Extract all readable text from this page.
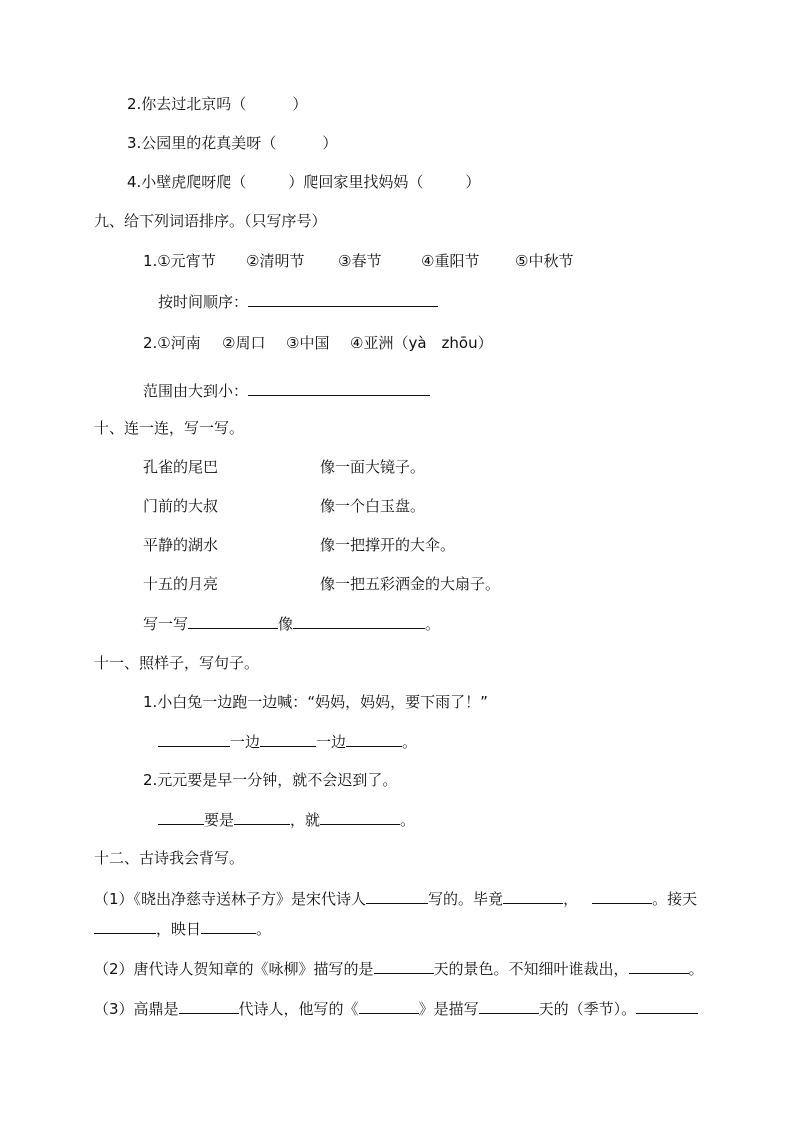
2.你去过北京吗（	）
3.公园里的花真美呀（	）
4.小壁虎爬呀爬（	）爬回家里找妈妈（	）
九、给下列词语排序。（只写序号）
1.①元宵节 ②清明节 ③春节	④重阳节 ⑤中秋节
按时间顺序：
2.①河南 ②周口 ③中国 ④亚洲（yà　zhōu）
范围由大到小：
十、连一连，写一写。
孔雀的尾巴	像一面大镜子。
门前的大叔	像一个白玉盘。
平静的湖水	像一把撑开的大伞。
十五的月亮	像一把五彩洒金的大扇子。
写一写	像	。
十一、照样子，写句子。
1.小白兔一边跑一边喊：“妈妈，妈妈，要下雨了！”
一边	一边	。
2.元元要是早一分钟，就不会迟到了。
要是	，就	。
十二、古诗我会背写。
（1）《晓出净慈寺送林子方》是宋代诗人	写的。毕竟	，	。接天
，映日	。
（2）唐代诗人贺知章的《咏柳》描写的是	天的景色。不知细叶谁裁出，	。
（3）高鼎是	代诗人，他写的《	》是描写	天的（季节）。
